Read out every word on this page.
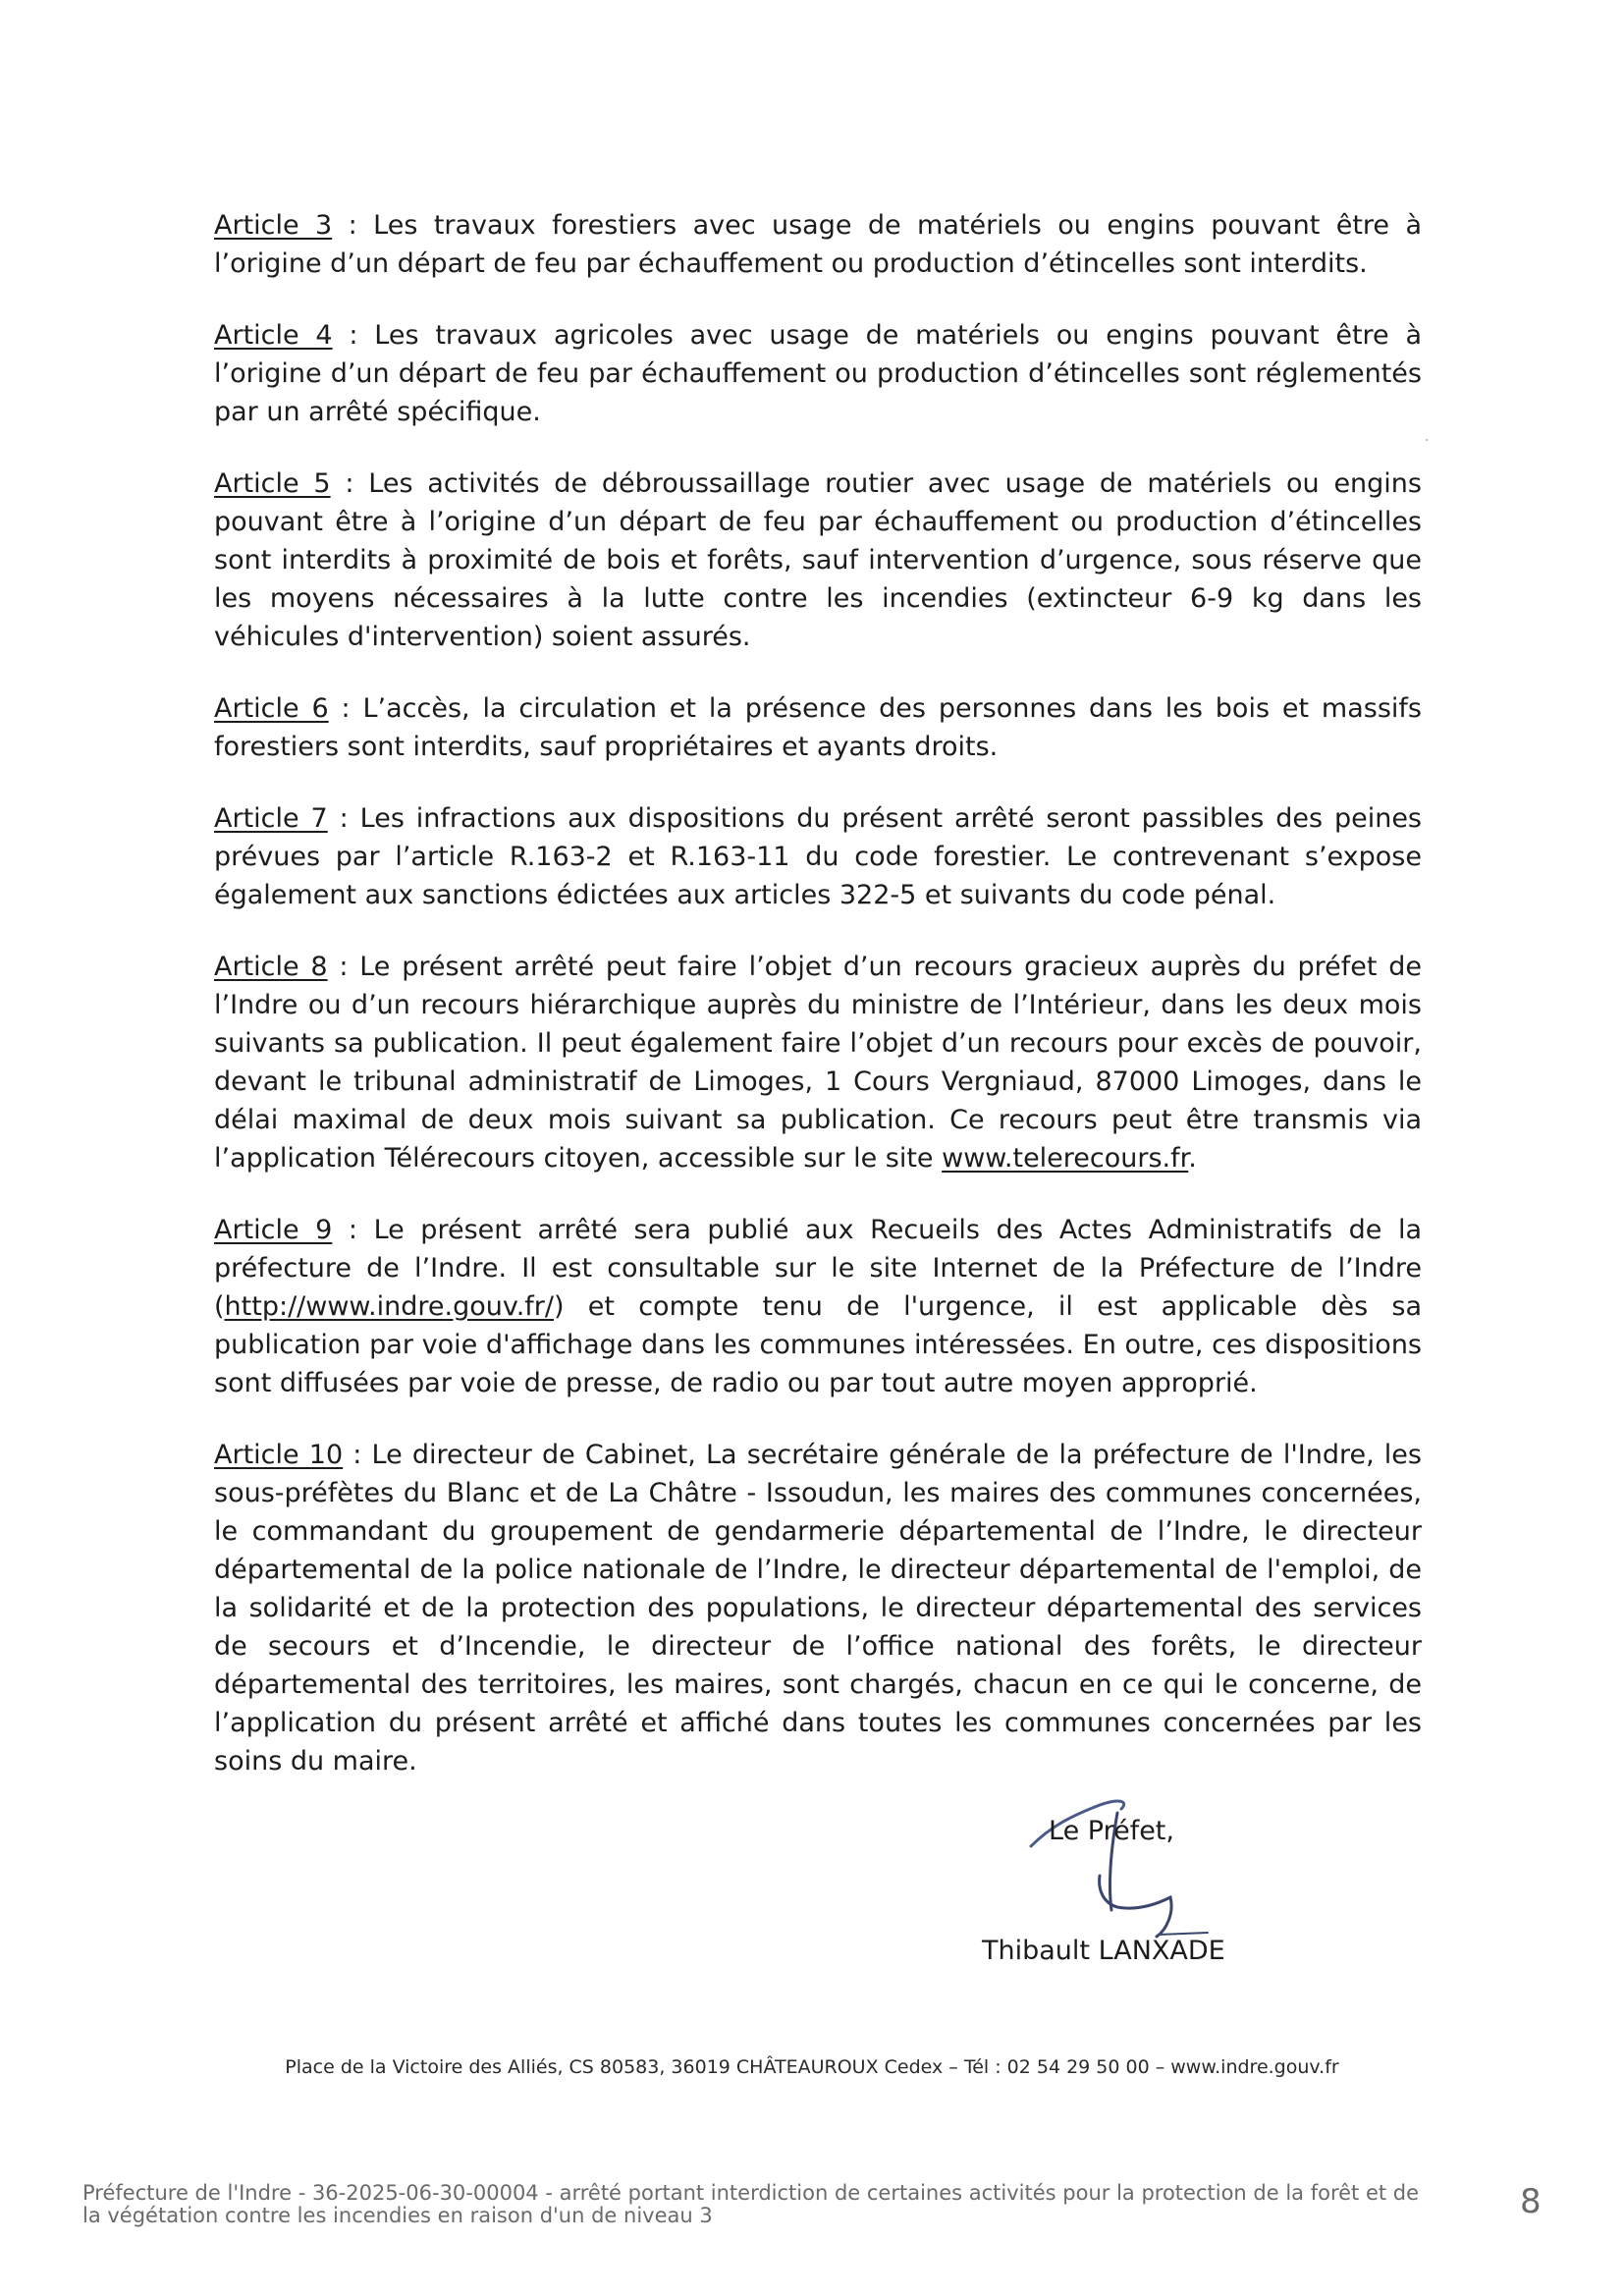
Article 3 : Les travaux forestiers avec usage de matériels ou engins pouvant être à l’origine d’un départ de feu par échauffement ou production d’étincelles sont interdits.

Article 4 : Les travaux agricoles avec usage de matériels ou engins pouvant être à l’origine d’un départ de feu par échauffement ou production d’étincelles sont réglementés par un arrêté spécifique.

Article 5 : Les activités de débroussaillage routier avec usage de matériels ou engins pouvant être à l’origine d’un départ de feu par échauffement ou production d’étincelles sont interdits à proximité de bois et forêts, sauf intervention d’urgence, sous réserve que les moyens nécessaires à la lutte contre les incendies (extincteur 6-9 kg dans les véhicules d'intervention) soient assurés.

Article 6 : L’accès, la circulation et la présence des personnes dans les bois et massifs forestiers sont interdits, sauf propriétaires et ayants droits.

Article 7 : Les infractions aux dispositions du présent arrêté seront passibles des peines prévues par l’article R.163-2 et R.163-11 du code forestier. Le contrevenant s’expose également aux sanctions édictées aux articles 322-5 et suivants du code pénal.

Article 8 : Le présent arrêté peut faire l’objet d’un recours gracieux auprès du préfet de l’Indre ou d’un recours hiérarchique auprès du ministre de l’Intérieur, dans les deux mois suivants sa publication. Il peut également faire l’objet d’un recours pour excès de pouvoir, devant le tribunal administratif de Limoges, 1 Cours Vergniaud, 87000 Limoges, dans le délai maximal de deux mois suivant sa publication. Ce recours peut être transmis via l’application Télérecours citoyen, accessible sur le site www.telerecours.fr.

Article 9 : Le présent arrêté sera publié aux Recueils des Actes Administratifs de la préfecture de l’Indre. Il est consultable sur le site Internet de la Préfecture de l’Indre (http://www.indre.gouv.fr/) et compte tenu de l'urgence, il est applicable dès sa publication par voie d'affichage dans les communes intéressées. En outre, ces dispositions sont diffusées par voie de presse, de radio ou par tout autre moyen approprié.

Article 10 : Le directeur de Cabinet, La secrétaire générale de la préfecture de l'Indre, les sous-préfètes du Blanc et de La Châtre - Issoudun, les maires des communes concernées, le commandant du groupement de gendarmerie départemental de l’Indre, le directeur départemental de la police nationale de l’Indre, le directeur départemental de l'emploi, de la solidarité et de la protection des populations, le directeur départemental des services de secours et d’Incendie, le directeur de l’office national des forêts, le directeur départemental des territoires, les maires, sont chargés, chacun en ce qui le concerne, de l’application du présent arrêté et affiché dans toutes les communes concernées par les soins du maire.

Le Préfet,
Thibault LANXADE
Place de la Victoire des Alliés, CS 80583, 36019 CHÂTEAUROUX Cedex – Tél : 02 54 29 50 00 – www.indre.gouv.fr
Préfecture de l'Indre - 36-2025-06-30-00004 - arrêté portant interdiction de certaines activités pour la protection de la forêt et de la végétation contre les incendies en raison d'un de niveau 3	8
